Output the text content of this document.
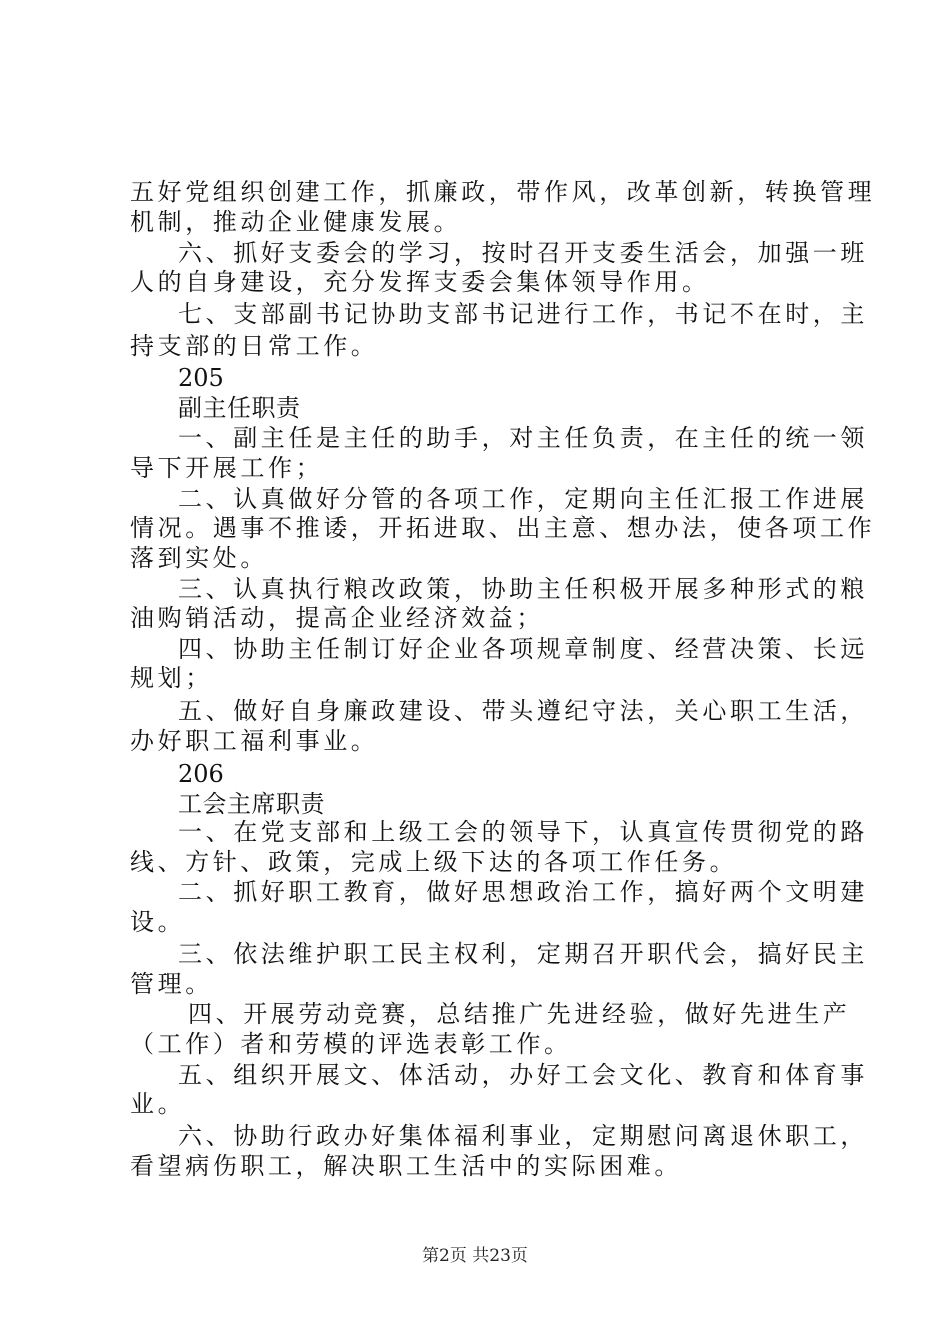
五好党组织创建工作，抓廉政，带作风，改革创新，转换管理
机制，推动企业健康发展。
六、抓好支委会的学习，按时召开支委生活会，加强一班
人的自身建设，充分发挥支委会集体领导作用。
七、支部副书记协助支部书记进行工作，书记不在时，主
持支部的日常工作。
205
副主任职责
一、副主任是主任的助手，对主任负责，在主任的统一领
导下开展工作；
二、认真做好分管的各项工作，定期向主任汇报工作进展
情况。遇事不推诿，开拓进取、出主意、想办法，使各项工作
落到实处。
三、认真执行粮改政策，协助主任积极开展多种形式的粮
油购销活动，提高企业经济效益；
四、协助主任制订好企业各项规章制度、经营决策、长远
规划；
五、做好自身廉政建设、带头遵纪守法，关心职工生活，
办好职工福利事业。
206
工会主席职责
一、在党支部和上级工会的领导下，认真宣传贯彻党的路
线、方针、政策，完成上级下达的各项工作任务。
二、抓好职工教育，做好思想政治工作，搞好两个文明建
设。
三、依法维护职工民主权利，定期召开职代会，搞好民主
管理。
四、开展劳动竞赛，总结推广先进经验，做好先进生产
（工作）者和劳模的评选表彰工作。
五、组织开展文、体活动，办好工会文化、教育和体育事
业。
六、协助行政办好集体福利事业，定期慰问离退休职工，
看望病伤职工，解决职工生活中的实际困难。
第2页 共23页
